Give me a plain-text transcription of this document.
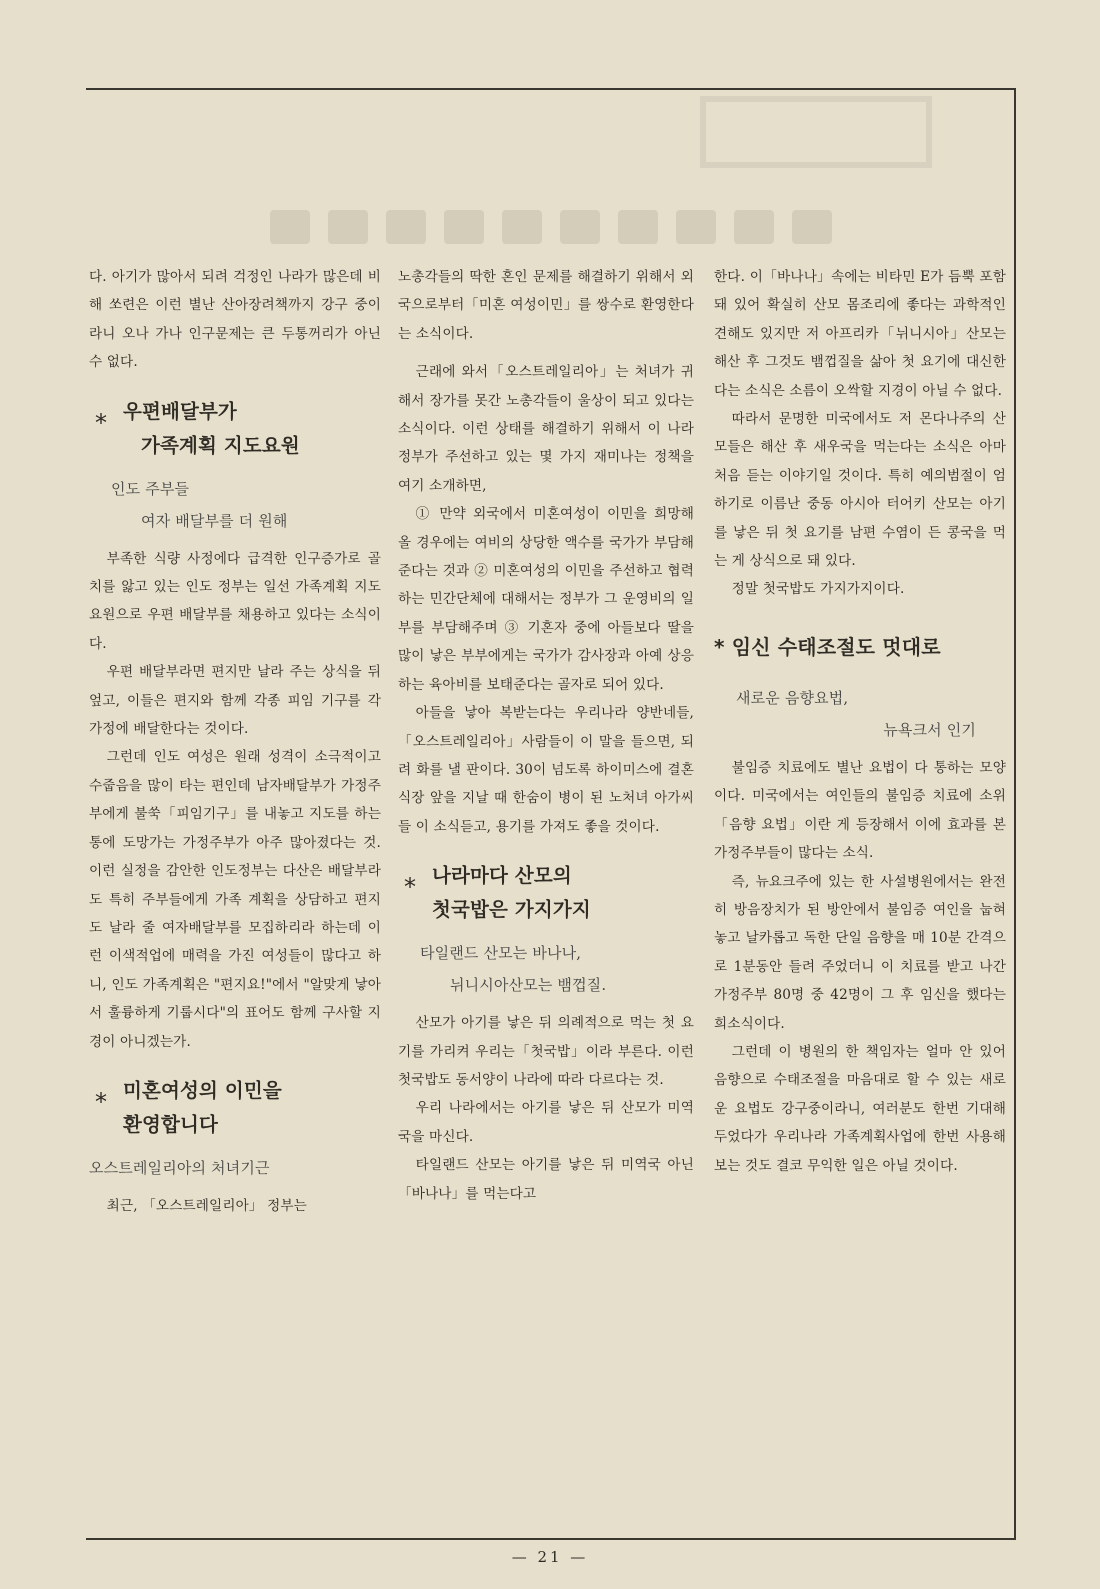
다. 아기가 많아서 되려 걱정인 나라가 많은데 비해 쏘련은 이런 별난 산아장려책까지 강구 중이라니 오나 가나 인구문제는 큰 두통꺼리가 아닌 수 없다.

* 우편배달부가
가족계획 지도요원
인도 주부들
여자 배달부를 더 원해

부족한 식량 사정에다 급격한 인구증가로 골치를 앓고 있는 인도 정부는 일선 가족계획 지도요원으로 우편 배달부를 채용하고 있다는 소식이다.

우편 배달부라면 편지만 날라 주는 상식을 뒤엎고, 이들은 편지와 함께 각종 피임 기구를 각 가정에 배달한다는 것이다.

그런데 인도 여성은 원래 성격이 소극적이고 수줍음을 많이 타는 편인데 남자배달부가 가정주부에게 불쑥「피임기구」를 내놓고 지도를 하는 통에 도망가는 가정주부가 아주 많아졌다는 것. 이런 실정을 감안한 인도정부는 다산은 배달부라도 특히 주부들에게 가족 계획을 상담하고 편지도 날라 줄 여자배달부를 모집하리라 하는데 이런 이색적업에 매력을 가진 여성들이 많다고 하니, 인도 가족계획은 "편지요!"에서 "알맞게 낳아서 훌륭하게 기룹시다"의 표어도 함께 구사할 지경이 아니겠는가.

* 미혼여성의 이민을
환영합니다
오스트레일리아의 처녀기근

최근, 「오스트레일리아」 정부는

노총각들의 딱한 혼인 문제를 해결하기 위해서 외국으로부터「미혼 여성이민」를 쌍수로 환영한다는 소식이다.

근래에 와서「오스트레일리아」는 처녀가 귀해서 장가를 못간 노총각들이 울상이 되고 있다는 소식이다. 이런 상태를 해결하기 위해서 이 나라 정부가 주선하고 있는 몇 가지 재미나는 정책을 여기 소개하면,

① 만약 외국에서 미혼여성이 이민을 희망해 올 경우에는 여비의 상당한 액수를 국가가 부담해 준다는 것과 ② 미혼여성의 이민을 주선하고 협력하는 민간단체에 대해서는 정부가 그 운영비의 일부를 부담해주며 ③ 기혼자 중에 아들보다 딸을 많이 낳은 부부에게는 국가가 감사장과 아예 상응하는 육아비를 보태준다는 골자로 되어 있다.

아들을 낳아 복받는다는 우리나라 양반네들,「오스트레일리아」사람들이 이 말을 들으면, 되려 화를 낼 판이다. 30이 넘도록 하이미스에 결혼식장 앞을 지날 때 한숨이 병이 된 노처녀 아가씨들 이 소식듣고, 용기를 가져도 좋을 것이다.

* 나라마다 산모의
첫국밥은 가지가지
타일랜드 산모는 바나나,
뉘니시아산모는 뱀껍질.

산모가 아기를 낳은 뒤 의례적으로 먹는 첫 요기를 가리켜 우리는「첫국밥」이라 부른다. 이런 첫국밥도 동서양이 나라에 따라 다르다는 것.

우리 나라에서는 아기를 낳은 뒤 산모가 미역국을 마신다.

타일랜드 산모는 아기를 낳은 뒤 미역국 아닌「바나나」를 먹는다고

한다. 이「바나나」속에는 비타민 E가 듬뿍 포함돼 있어 확실히 산모 몸조리에 좋다는 과학적인 견해도 있지만 저 아프리카「뉘니시아」산모는 해산 후 그것도 뱀껍질을 삶아 첫 요기에 대신한다는 소식은 소름이 오싹할 지경이 아닐 수 없다.

따라서 문명한 미국에서도 저 몬다나주의 산모들은 해산 후 새우국을 먹는다는 소식은 아마 처음 듣는 이야기일 것이다. 특히 예의범절이 엄하기로 이름난 중동 아시아 터어키 산모는 아기를 낳은 뒤 첫 요기를 남편 수염이 든 콩국을 먹는 게 상식으로 돼 있다.

정말 첫국밥도 가지가지이다.

* 임신 수태조절도 멋대로
새로운 음향요법,
뉴욕크서 인기

불임증 치료에도 별난 요법이 다 통하는 모양이다. 미국에서는 여인들의 불임증 치료에 소위「음향 요법」이란 게 등장해서 이에 효과를 본 가정주부들이 많다는 소식.

즉, 뉴요크주에 있는 한 사설병원에서는 완전히 방음장치가 된 방안에서 불임증 여인을 눕혀놓고 날카롭고 독한 단일 음향을 매 10분 간격으로 1분동안 들려 주었더니 이 치료를 받고 나간 가정주부 80명 중 42명이 그 후 임신을 했다는 희소식이다.

그런데 이 병원의 한 책임자는 얼마 안 있어 음향으로 수태조절을 마음대로 할 수 있는 새로운 요법도 강구중이라니, 여러분도 한번 기대해 두었다가 우리나라 가족계획사업에 한번 사용해 보는 것도 결코 무익한 일은 아닐 것이다.

— 21 —
